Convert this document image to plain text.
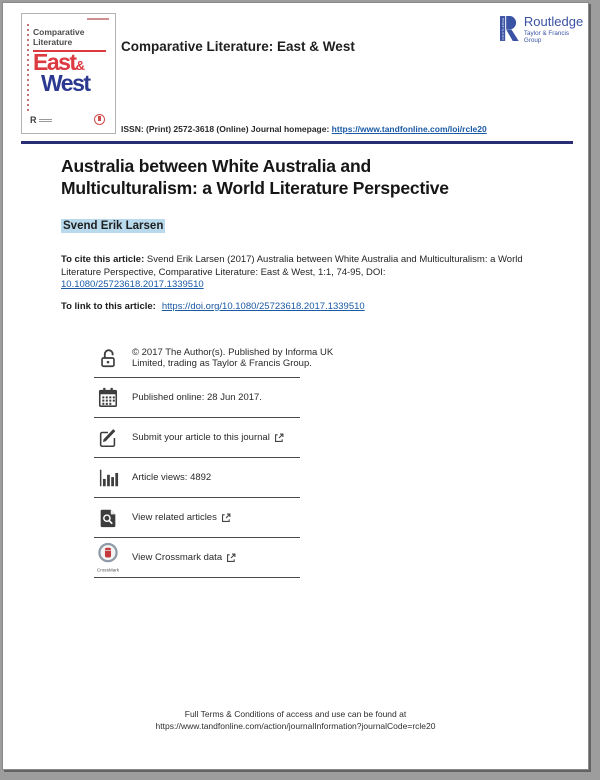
Comparative
Literature
East&
West
R
Comparative Literature: East & West
ROUTLEDGE Routledge
Taylor & Francis Group
ISSN: (Print) 2572-3618 (Online) Journal homepage: https://www.tandfonline.com/loi/rcle20
Australia between White Australia and
Multiculturalism: a World Literature Perspective
Svend Erik Larsen

To cite this article: Svend Erik Larsen (2017) Australia between White Australia and Multiculturalism: a World Literature Perspective, Comparative Literature: East & West, 1:1, 74-95, DOI: 10.1080/25723618.2017.1339510

To link to this article: https://doi.org/10.1080/25723618.2017.1339510

© 2017 The Author(s). Published by Informa UK Limited, trading as Taylor & Francis Group.
Published online: 28 Jun 2017.
Submit your article to this journal
Article views: 4892
View related articles
CrossMark
View Crossmark data
Full Terms & Conditions of access and use can be found at
https://www.tandfonline.com/action/journalInformation?journalCode=rcle20
